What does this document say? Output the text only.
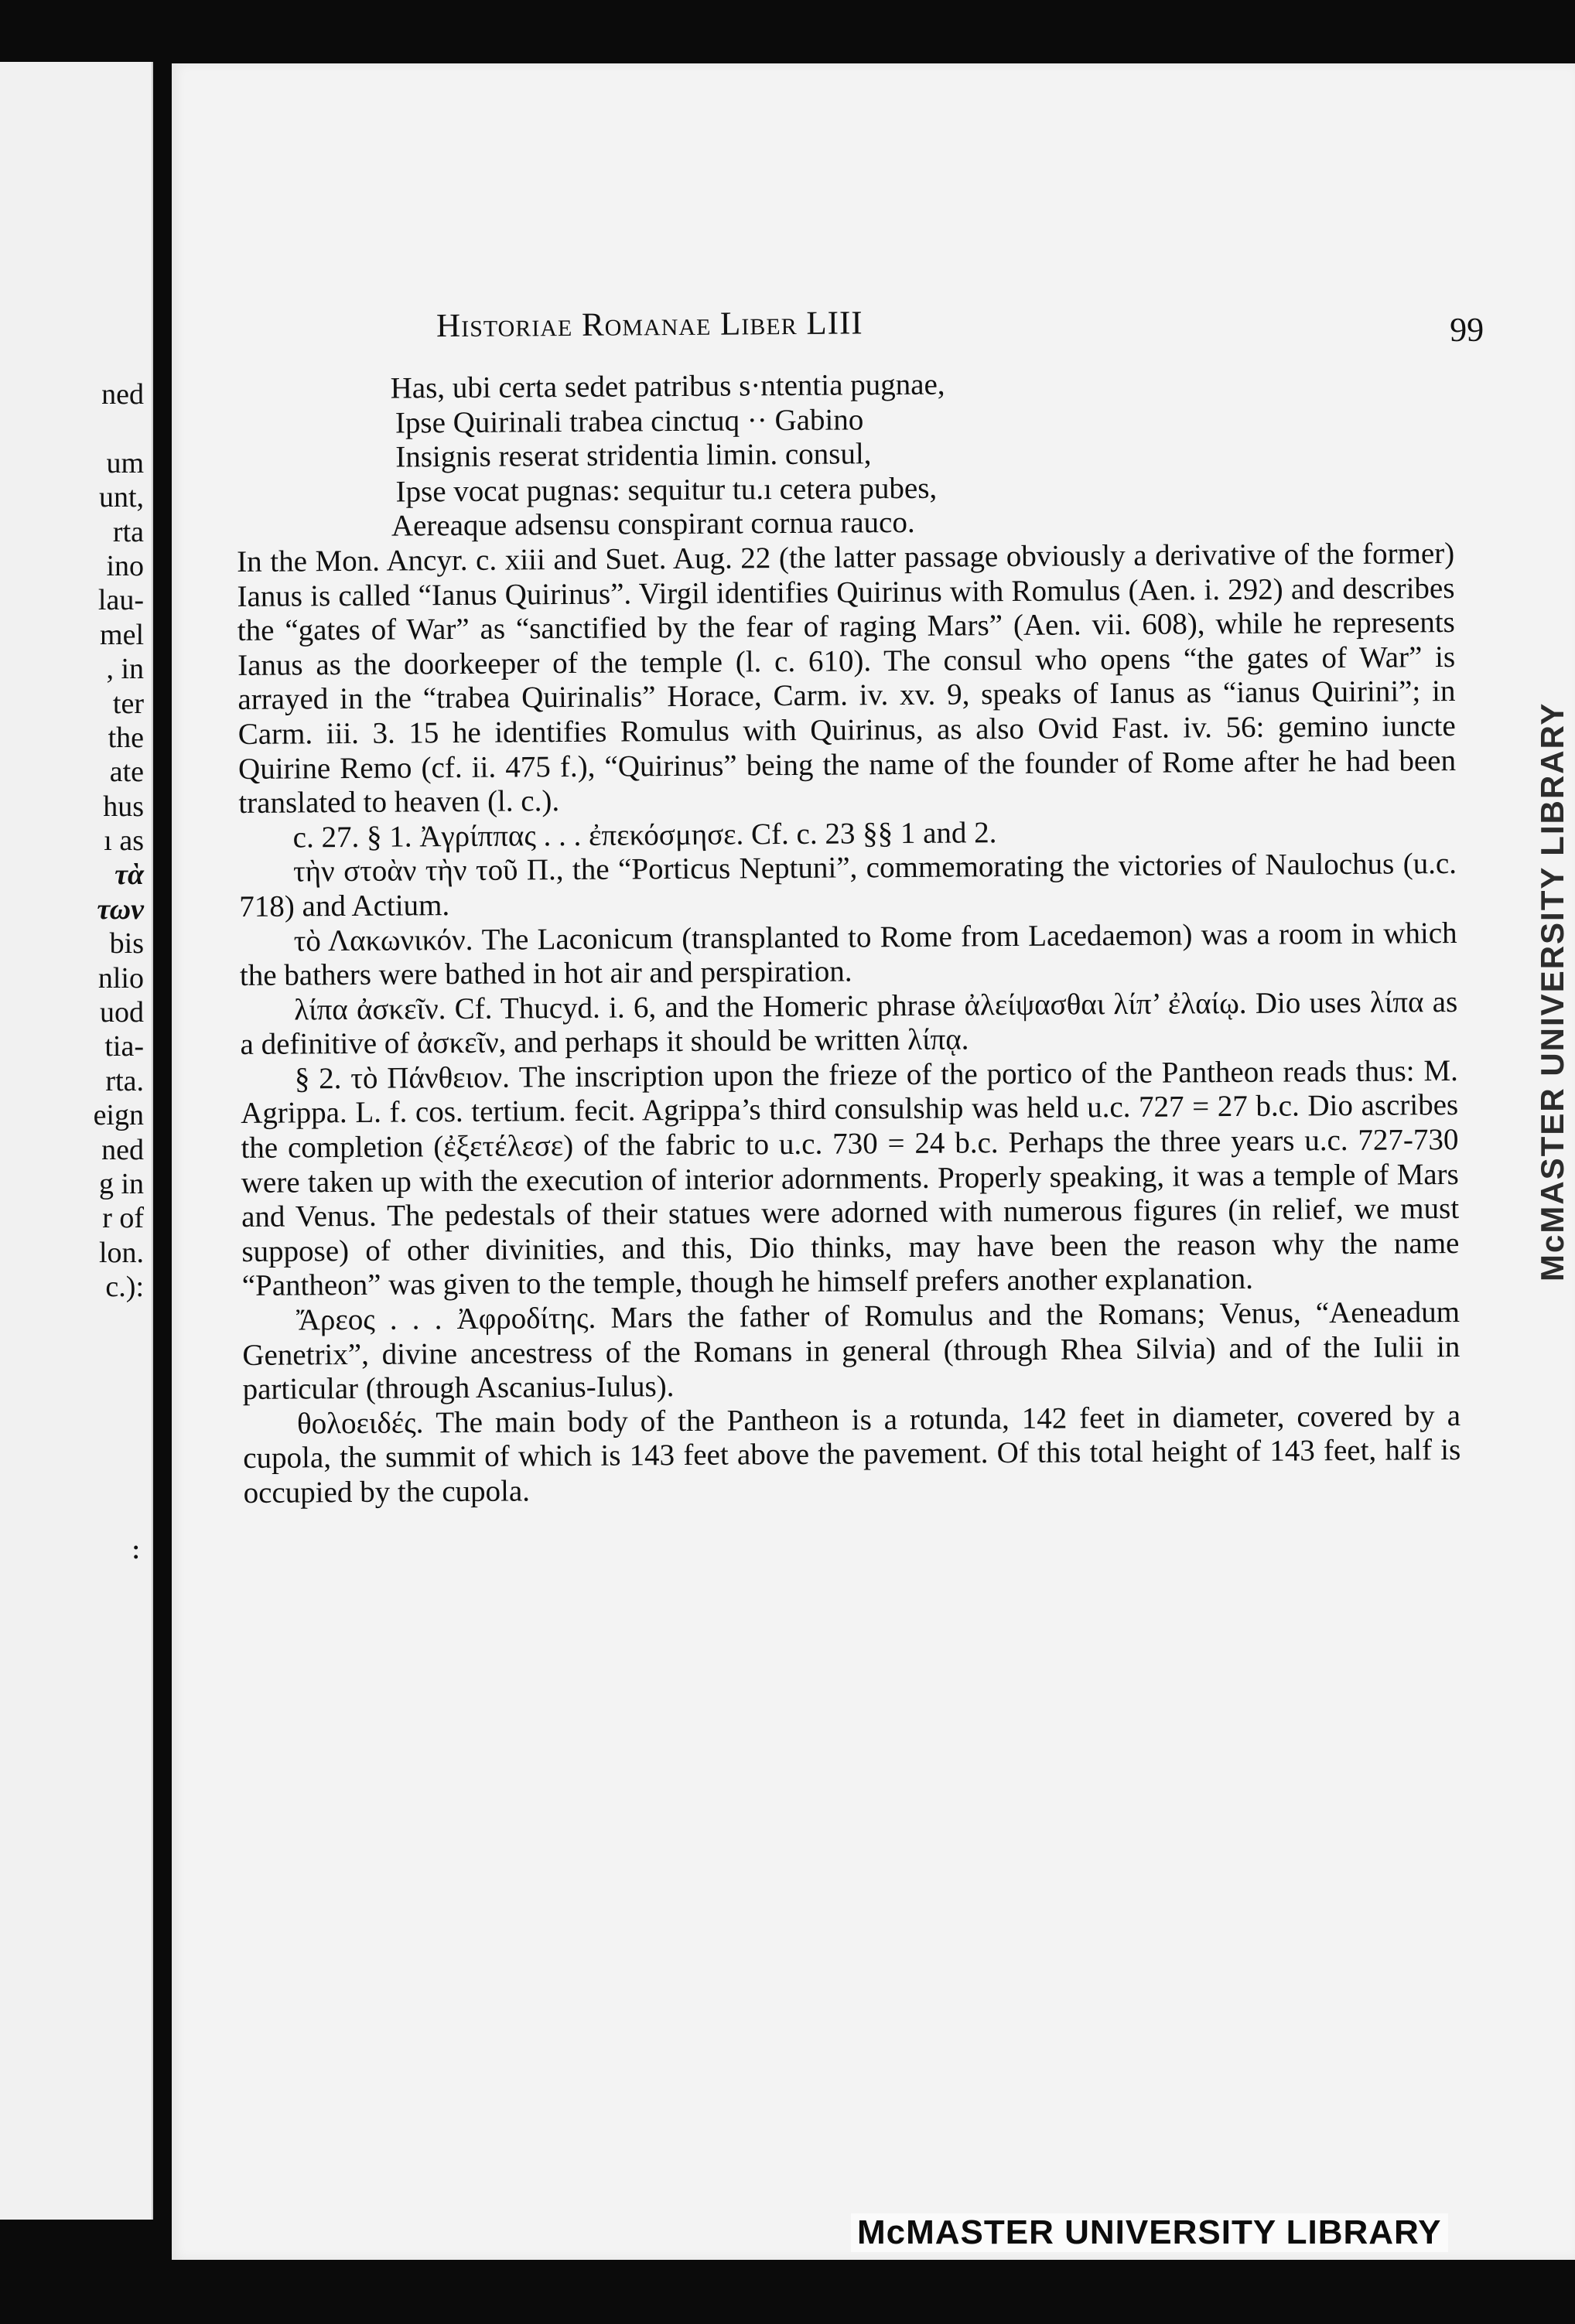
ned
um
unt,
rta
ino
lau-
mel
, in
ter
the
ate
hus
ı as
τὰ
των
bis
nlio
uod
tia-
rta.
eign
ned
g in
r of
lon.
c.):
:
Historiae Romanae Liber LIII	99
Has, ubi certa sedet patribus s·ntentia pugnae,
Ipse Quirinali trabea cinctuq ·· Gabino
Insignis reserat stridentia limin. consul,
Ipse vocat pugnas: sequitur tu.ı cetera pubes,
Aereaque adsensu conspirant cornua rauco.

In the Mon. Ancyr. c. xiii and Suet. Aug. 22 (the latter passage obviously a derivative of the former) Ianus is called “Ianus Quirinus”. Virgil identifies Quirinus with Romulus (Aen. i. 292) and describes the “gates of War” as “sanctified by the fear of raging Mars” (Aen. vii. 608), while he represents Ianus as the doorkeeper of the temple (l. c. 610). The consul who opens “the gates of War” is arrayed in the “trabea Quirinalis” Horace, Carm. iv. xv. 9, speaks of Ianus as “ianus Quirini”; in Carm. iii. 3. 15 he identifies Romulus with Quirinus, as also Ovid Fast. iv. 56: gemino iuncte Quirine Remo (cf. ii. 475 f.), “Quirinus” being the name of the founder of Rome after he had been translated to heaven (l. c.).

c. 27. § 1. Ἀγρίππας . . . ἐπεκόσμησε. Cf. c. 23 §§ 1 and 2.

τὴν στοὰν τὴν τοῦ Π., the “Porticus Neptuni”, commemorating the victories of Naulochus (u.c. 718) and Actium.

τὸ Λακωνικόν. The Laconicum (transplanted to Rome from Lacedaemon) was a room in which the bathers were bathed in hot air and perspiration.

λίπα ἀσκεῖν. Cf. Thucyd. i. 6, and the Homeric phrase ἀλείψασθαι λίπ’ ἐλαίῳ. Dio uses λίπα as a definitive of ἀσκεῖν, and perhaps it should be written λίπᾳ.

§ 2. τὸ Πάνθειον. The inscription upon the frieze of the portico of the Pantheon reads thus: M. Agrippa. L. f. cos. tertium. fecit. Agrippa’s third consulship was held u.c. 727 = 27 b.c. Dio ascribes the completion (ἐξετέλεσε) of the fabric to u.c. 730 = 24 b.c. Perhaps the three years u.c. 727-730 were taken up with the execution of interior adornments. Properly speaking, it was a temple of Mars and Venus. The pedestals of their statues were adorned with numerous figures (in relief, we must suppose) of other divinities, and this, Dio thinks, may have been the reason why the name “Pantheon” was given to the temple, though he himself prefers another explanation.

Ἄρεος . . . Ἀφροδίτης. Mars the father of Romulus and the Romans; Venus, “Aeneadum Genetrix”, divine ancestress of the Romans in general (through Rhea Silvia) and of the Iulii in particular (through Ascanius-Iulus).

θολοειδές. The main body of the Pantheon is a rotunda, 142 feet in diameter, covered by a cupola, the summit of which is 143 feet above the pavement. Of this total height of 143 feet, half is occupied by the cupola.

McMASTER UNIVERSITY LIBRARY
McMASTER UNIVERSITY LIBRARY
